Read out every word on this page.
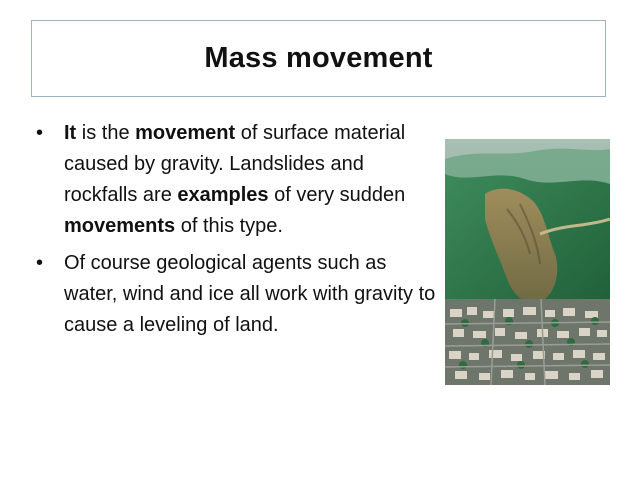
Mass movement
•	It is the movement of surface material caused by gravity. Landslides and rockfalls are examples of very sudden movements of this type.
•	Of course geological agents such as water, wind and ice all work with gravity to cause a leveling of land.
